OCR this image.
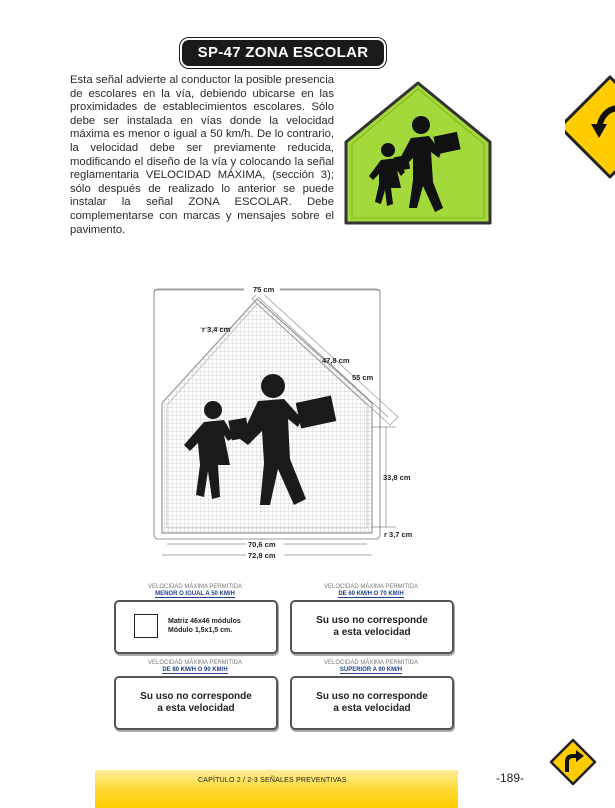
SP-47 ZONA ESCOLAR
Esta señal advierte al conductor la posible presencia de escolares en la vía, debiendo ubicarse en las proximidades de establecimientos escolares. Sólo debe ser instalada en vías donde la velocidad máxima es menor o igual a 50 km/h. De lo contrario, la velocidad debe ser previamente reducida, modificando el diseño de la vía y colocando la señal reglamentaria VELOCIDAD MÁXIMA, (sección 3); sólo después de realizado lo anterior se puede instalar la señal ZONA ESCOLAR. Debe complementarse con marcas y mensajes sobre el pavimento.
75 cm
r 3,4 cm
47,8 cm
55 cm
33,8 cm
r 3,7 cm
70,6 cm
72,8 cm
VELOCIDAD MÁXIMA PERMITIDA
MENOR O IGUAL A 50 KM/H
Matriz 46x46 módulos
Módulo 1,5x1,5 cm.
VELOCIDAD MÁXIMA PERMITIDA
DE 60 KM/H O 70 KM/H
Su uso no corresponde
a esta velocidad
VELOCIDAD MÁXIMA PERMITIDA
DE 80 KM/H O 90 KM/H
Su uso no corresponde
a esta velocidad
VELOCIDAD MÁXIMA PERMITIDA
SUPERIOR A 90 KM/H
Su uso no corresponde
a esta velocidad
CAPÍTULO 2 / 2-3 SEÑALES PREVENTIVAS	-189-
